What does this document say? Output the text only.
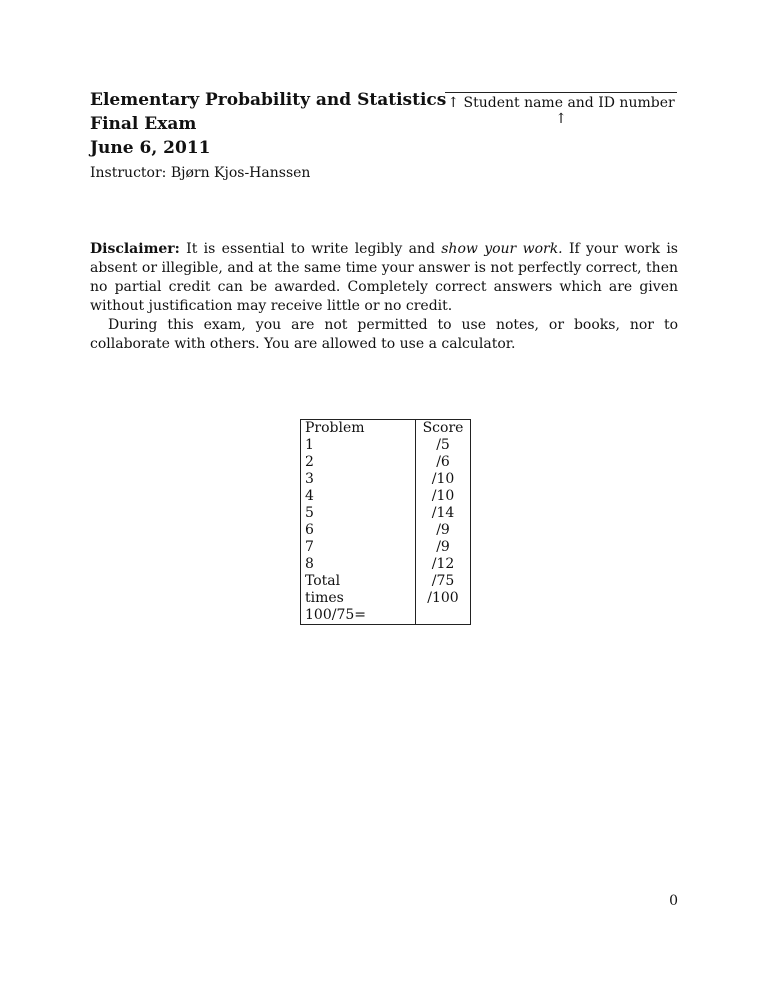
Elementary Probability and Statistics
Final Exam
June 6, 2011
↑ Student name and ID number ↑
Instructor: Bjørn Kjos-Hanssen

Disclaimer: It is essential to write legibly and show your work. If your work is absent or illegible, and at the same time your answer is not perfectly correct, then no partial credit can be awarded. Completely correct answers which are given without justification may receive little or no credit.

During this exam, you are not permitted to use notes, or books, nor to collaborate with others. You are allowed to use a calculator.

Problem	Score
1	/5
2	/6
3	/10
4	/10
5	/14
6	/9
7	/9
8	/12
Total	/75
times 100/75=	/100
0
